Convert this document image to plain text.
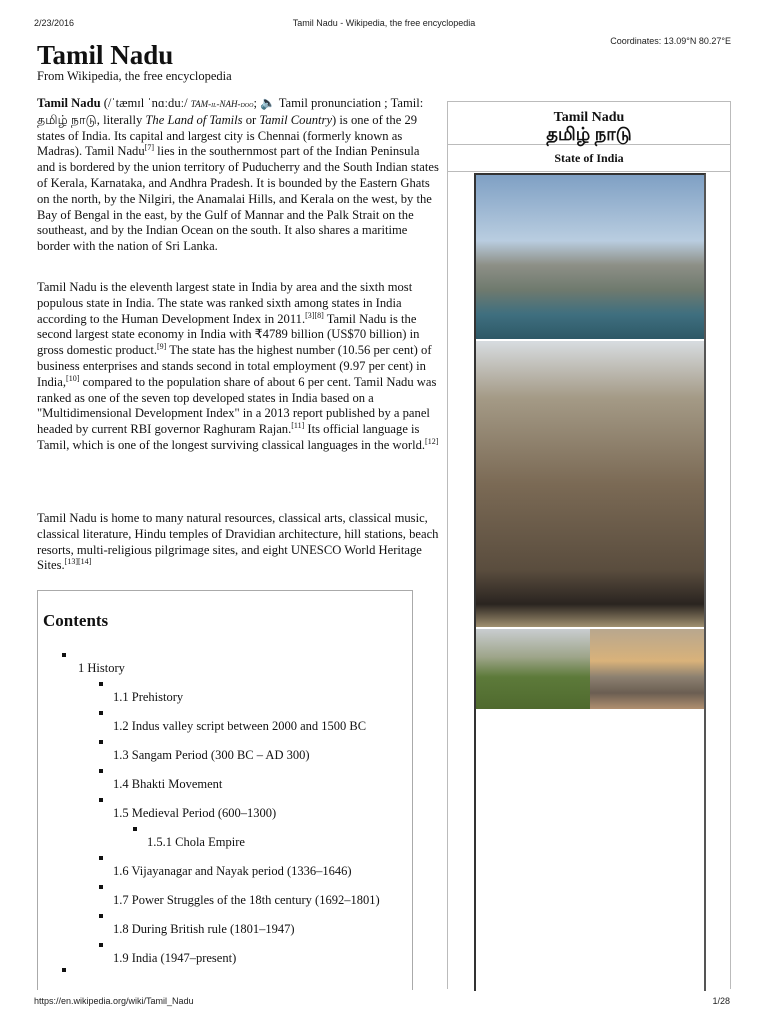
2/23/2016	Tamil Nadu - Wikipedia, the free encyclopedia
Coordinates: 13.09°N 80.27°E
Tamil Nadu
From Wikipedia, the free encyclopedia
Tamil Nadu (/ˈtæmɪl ˈnɑːduː/ TAM-il-NAH-doo; 🔈 Tamil pronunciation ; Tamil: தமிழ் நாடு, literally The Land of Tamils or Tamil Country) is one of the 29 states of India. Its capital and largest city is Chennai (formerly known as Madras). Tamil Nadu[7] lies in the southernmost part of the Indian Peninsula and is bordered by the union territory of Puducherry and the South Indian states of Kerala, Karnataka, and Andhra Pradesh. It is bounded by the Eastern Ghats on the north, by the Nilgiri, the Anamalai Hills, and Kerala on the west, by the Bay of Bengal in the east, by the Gulf of Mannar and the Palk Strait on the southeast, and by the Indian Ocean on the south. It also shares a maritime border with the nation of Sri Lanka.
Tamil Nadu is the eleventh largest state in India by area and the sixth most populous state in India. The state was ranked sixth among states in India according to the Human Development Index in 2011.[3][8] Tamil Nadu is the second largest state economy in India with ₹4789 billion (US$70 billion) in gross domestic product.[9] The state has the highest number (10.56 per cent) of business enterprises and stands second in total employment (9.97 per cent) in India,[10] compared to the population share of about 6 per cent. Tamil Nadu was ranked as one of the seven top developed states in India based on a "Multidimensional Development Index" in a 2013 report published by a panel headed by current RBI governor Raghuram Rajan.[11] Its official language is Tamil, which is one of the longest surviving classical languages in the world.[12]
Tamil Nadu is home to many natural resources, classical arts, classical music, classical literature, Hindu temples of Dravidian architecture, hill stations, beach resorts, multi-religious pilgrimage sites, and eight UNESCO World Heritage Sites.[13][14]
Tamil Nadu
தமிழ் நாடு
State of India
Contents
1 History
1.1 Prehistory
1.2 Indus valley script between 2000 and 1500 BC
1.3 Sangam Period (300 BC – AD 300)
1.4 Bhakti Movement
1.5 Medieval Period (600–1300)
1.5.1 Chola Empire
1.6 Vijayanagar and Nayak period (1336–1646)
1.7 Power Struggles of the 18th century (1692–1801)
1.8 During British rule (1801–1947)
1.9 India (1947–present)
https://en.wikipedia.org/wiki/Tamil_Nadu	1/28
